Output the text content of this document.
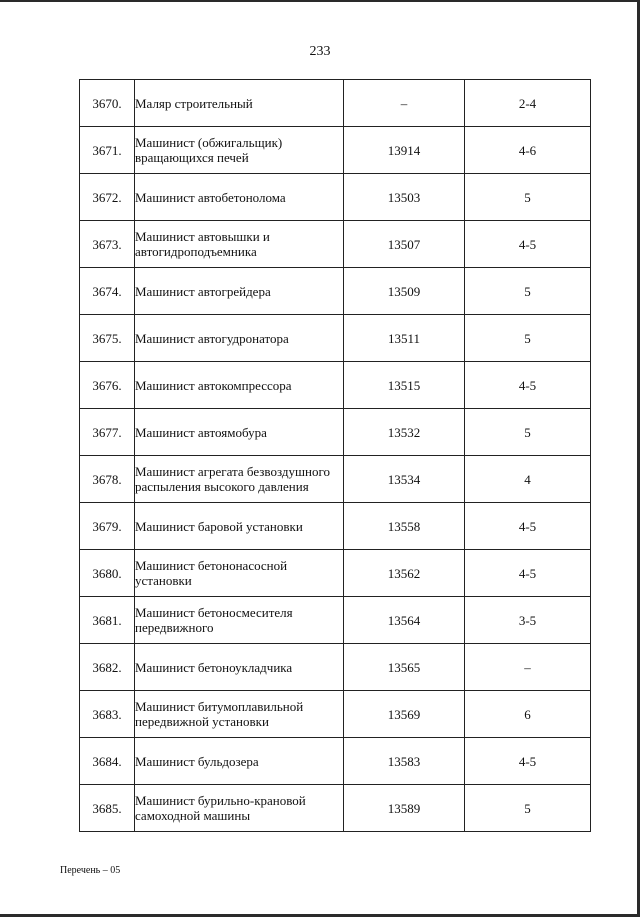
233
3670.	Маляр строительный	–	2-4
3671.	Машинист (обжигальщик) вращающихся печей	13914	4-6
3672.	Машинист автобетонолома	13503	5
3673.	Машинист автовышки и автогидроподъемника	13507	4-5
3674.	Машинист автогрейдера	13509	5
3675.	Машинист автогудронатора	13511	5
3676.	Машинист автокомпрессора	13515	4-5
3677.	Машинист автоямобура	13532	5
3678.	Машинист агрегата безвоздушного распыления высокого давления	13534	4
3679.	Машинист баровой установки	13558	4-5
3680.	Машинист бетононасосной установки	13562	4-5
3681.	Машинист бетоносмесителя передвижного	13564	3-5
3682.	Машинист бетоноукладчика	13565	–
3683.	Машинист битумоплавильной передвижной установки	13569	6
3684.	Машинист бульдозера	13583	4-5
3685.	Машинист бурильно-крановой самоходной машины	13589	5
Перечень – 05
